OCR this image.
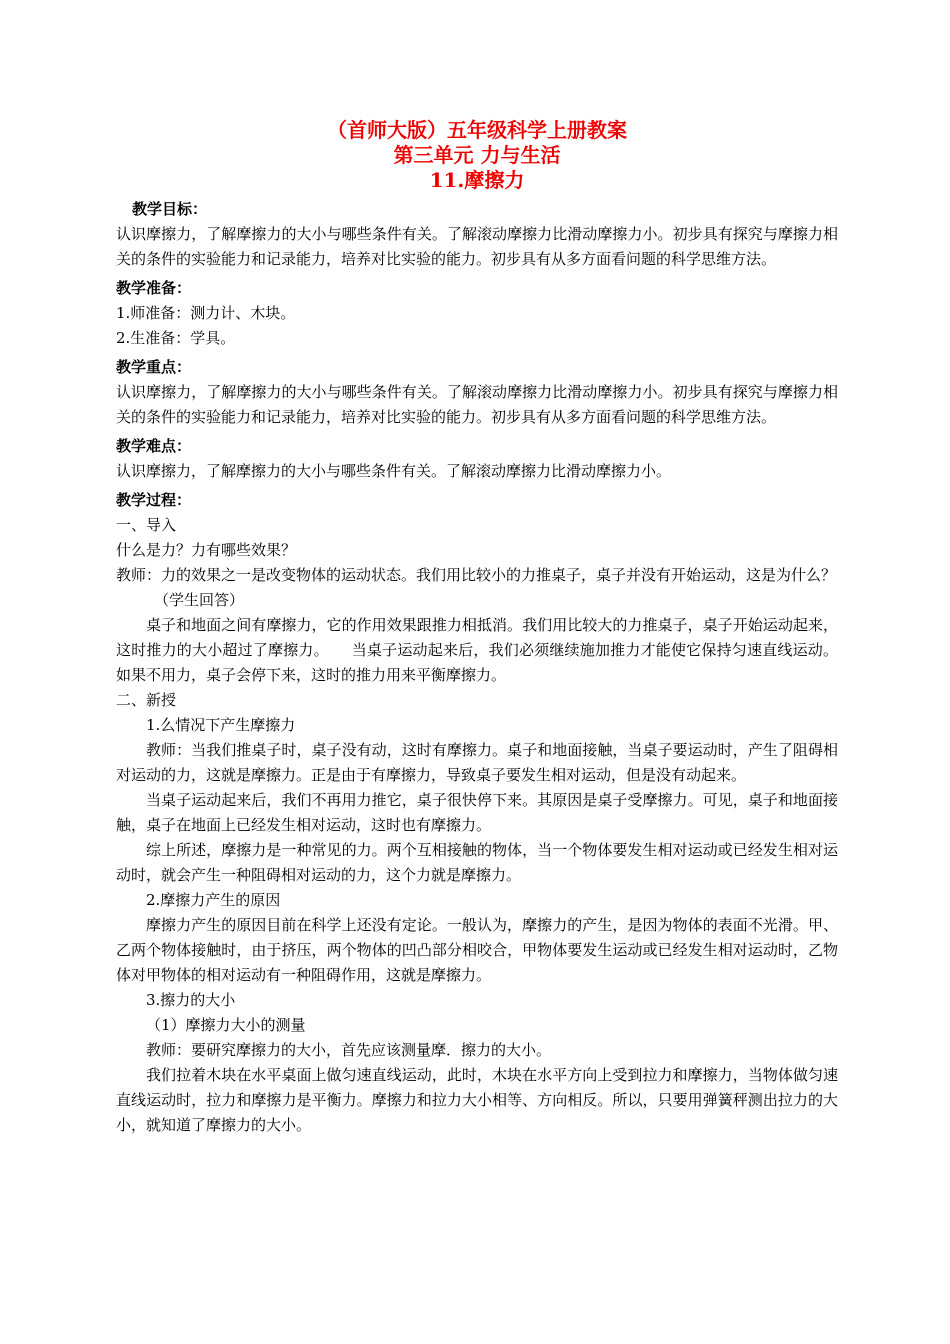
（首师大版）五年级科学上册教案

第三单元 力与生活

11.摩擦力

教学目标：

认识摩擦力，了解摩擦力的大小与哪些条件有关。了解滚动摩擦力比滑动摩擦力小。初步具有探究与摩擦力相关的条件的实验能力和记录能力，培养对比实验的能力。初步具有从多方面看问题的科学思维方法。

教学准备：

1.师准备：测力计、木块。

2.生准备：学具。

教学重点：

认识摩擦力，了解摩擦力的大小与哪些条件有关。了解滚动摩擦力比滑动摩擦力小。初步具有探究与摩擦力相关的条件的实验能力和记录能力，培养对比实验的能力。初步具有从多方面看问题的科学思维方法。

教学难点：

认识摩擦力，了解摩擦力的大小与哪些条件有关。了解滚动摩擦力比滑动摩擦力小。

教学过程：

一、导入

什么是力？力有哪些效果？

教师：力的效果之一是改变物体的运动状态。我们用比较小的力推桌子，桌子并没有开始运动，这是为什么？

（学生回答）

桌子和地面之间有摩擦力，它的作用效果跟推力相抵消。我们用比较大的力推桌子，桌子开始运动起来，这时推力的大小超过了摩擦力。　　当桌子运动起来后，我们必须继续施加推力才能使它保持匀速直线运动。如果不用力，桌子会停下来，这时的推力用来平衡摩擦力。

二、新授

1.么情况下产生摩擦力

教师：当我们推桌子时，桌子没有动，这时有摩擦力。桌子和地面接触，当桌子要运动时，产生了阻碍相对运动的力，这就是摩擦力。正是由于有摩擦力，导致桌子要发生相对运动，但是没有动起来。

当桌子运动起来后，我们不再用力推它，桌子很快停下来。其原因是桌子受摩擦力。可见，桌子和地面接触，桌子在地面上已经发生相对运动，这时也有摩擦力。

综上所述，摩擦力是一种常见的力。两个互相接触的物体，当一个物体要发生相对运动或已经发生相对运动时，就会产生一种阻碍相对运动的力，这个力就是摩擦力。

2.摩擦力产生的原因

摩擦力产生的原因目前在科学上还没有定论。一般认为，摩擦力的产生，是因为物体的表面不光滑。甲、乙两个物体接触时，由于挤压，两个物体的凹凸部分相咬合，甲物体要发生运动或已经发生相对运动时，乙物体对甲物体的相对运动有一种阻碍作用，这就是摩擦力。

3.擦力的大小

（1）摩擦力大小的测量

教师：要研究摩擦力的大小，首先应该测量摩．擦力的大小。

我们拉着木块在水平桌面上做匀速直线运动，此时，木块在水平方向上受到拉力和摩擦力，当物体做匀速直线运动时，拉力和摩擦力是平衡力。摩擦力和拉力大小相等、方向相反。所以，只要用弹簧秤测出拉力的大小，就知道了摩擦力的大小。
